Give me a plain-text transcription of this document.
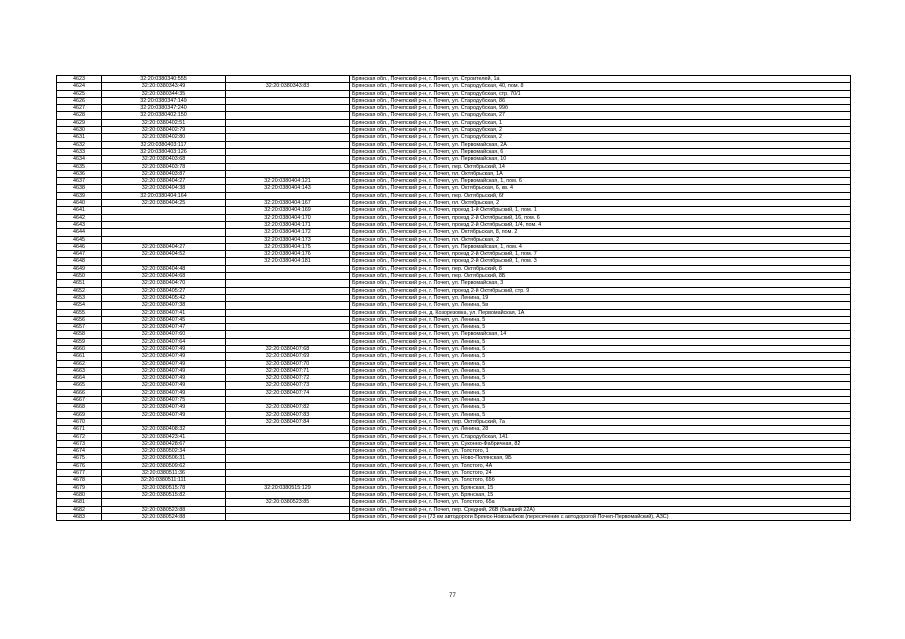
4623	32:20:0380340:555		Брянская обл., Почепский р-н, г. Почеп, ул. Строителей, 1а
4624	32:20:0380343:49	32:20:0380343:83	Брянская обл., Почепский р-н, г. Почеп, ул. Стародубская, 40, пом. 8
4625	32:20:0380344:35		Брянская обл., Почепский р-н, г. Почеп, ул. Стародубская, стр. 70/1
4626	32:20:0380347:149		Брянская обл., Почепский р-н, г. Почеп, ул. Стародубская, 86
4627	32:20:0380347:240		Брянская обл., Почепский р-н, г. Почеп, ул. Стародубская, 99б
4628	32:20:0380402:150		Брянская обл., Почепский р-н, г. Почеп, ул. Стародубская, 27
4629	32:20:0380402:51		Брянская обл., Почепский р-н, г. Почеп, ул. Стародубская, 1
4630	32:20:0380402:79		Брянская обл., Почепский р-н, г. Почеп, ул. Стародубская, 2
4631	32:20:0380402:80		Брянская обл., Почепский р-н, г. Почеп, ул. Стародубская, 2
4632	32:20:0380403:117		Брянская обл., Почепский р-н, г. Почеп, ул. Первомайская, 2А
4633	32:20:0380403:126		Брянская обл., Почепский р-н, г. Почеп, ул. Первомайская, 6
4634	32:20:0380403:68		Брянская обл., Почепский р-н, г. Почеп, ул. Первомайская, 10
4635	32:20:0380403:78		Брянская обл., Почепский р-н, г. Почеп, пер. Октябрьский, 14
4636	32:20:0380403:87		Брянская обл., Почепский р-н, г. Почеп, пл. Октябрьская, 1А
4637	32:20:0380404:27	32:20:0380404:121	Брянская обл., Почепский р-н, г. Почеп, ул. Первомайская, 1, пом. 6
4638	32:20:0380404:38	32:20:0380404:143	Брянская обл., Почепский р-н, г. Почеп, ул. Октябрьская, 6, кв. 4
4639	32:20:0380404:164		Брянская обл., Почепский р-н, г. Почеп, пер. Октябрьский, 6f
4640	32:20:0380404:25	32:20:0380404:167	Брянская обл., Почепский р-н, г. Почеп, пл. Октябрьская, 2
4641		32:20:0380404:169	Брянская обл., Почепский р-н, г. Почеп, проезд 1-й Октябрьский, 1, пом. 1
4642		32:20:0380404:170	Брянская обл., Почепский р-н, г. Почеп, проезд 2-й Октябрьский, 16, пом. 6
4643		32:20:0380404:171	Брянская обл., Почепский р-н, г. Почеп, проезд 2-й Октябрьский, 1/4, пом. 4
4644		32:20:0380404:172	Брянская обл., Почепский р-н, г. Почеп, ул. Октябрьская, 8, пом. 2
4645		32:20:0380404:173	Брянская обл., Почепский р-н, г. Почеп, пл. Октябрьская, 2
4646	32:20:0380404:27	32:20:0380404:175	Брянская обл., Почепский р-н, г. Почеп, ул. Первомайская, 1, пом. 4
4647	32:20:0380404:52	32:20:0380404:176	Брянская обл., Почепский р-н, г. Почеп, проезд 2-й Октябрьский, 1, пом. 7
4648		32:20:0380404:181	Брянская обл., Почепский р-н, г. Почеп, проезд 2-й Октябрьский, 1, пом. 3
4649	32:20:0380404:48		Брянская обл., Почепский р-н, г. Почеп, пер. Октябрьский, 8
4650	32:20:0380404:68		Брянская обл., Почепский р-н, г. Почеп, пер. Октябрьский, 8Б
4651	32:20:0380404:70		Брянская обл., Почепский р-н, г. Почеп, ул. Первомайская, 3
4652	32:20:0380405:27		Брянская обл., Почепский р-н, г. Почеп, проезд 2-й Октябрьский, стр. 9
4653	32:20:0380405:42		Брянская обл., Почепский р-н, г. Почеп, ул. Ленина, 19
4654	32:20:0380407:38		Брянская обл., Почепский р-н, г. Почеп, ул. Ленина, 5в
4655	32:20:0380407:41		Брянская обл., Почепский р-н, д. Козорезовка, ул. Первомайская, 1А
4656	32:20:0380407:45		Брянская обл., Почепский р-н, г. Почеп, ул. Ленина, 5
4657	32:20:0380407:47		Брянская обл., Почепский р-н, г. Почеп, ул. Ленина, 5
4658	32:20:0380407:60		Брянская обл., Почепский р-н, г. Почеп, ул. Первомайская, 14
4659	32:20:0380407:64		Брянская обл., Почепский р-н, г. Почеп, ул. Ленина, 5
4660	32:20:0380407:49	32:20:0380407:68	Брянская обл., Почепский р-н, г. Почеп, ул. Ленина, 5
4661	32:20:0380407:49	32:20:0380407:69	Брянская обл., Почепский р-н, г. Почеп, ул. Ленина, 5
4662	32:20:0380407:49	32:20:0380407:70	Брянская обл., Почепский р-н, г. Почеп, ул. Ленина, 5
4663	32:20:0380407:49	32:20:0380407:71	Брянская обл., Почепский р-н, г. Почеп, ул. Ленина, 5
4664	32:20:0380407:49	32:20:0380407:72	Брянская обл., Почепский р-н, г. Почеп, ул. Ленина, 5
4665	32:20:0380407:49	32:20:0380407:73	Брянская обл., Почепский р-н, г. Почеп, ул. Ленина, 5
4666	32:20:0380407:49	32:20:0380407:74	Брянская обл., Почепский р-н, г. Почеп, ул. Ленина, 5
4667	32:20:0380407:75		Брянская обл., Почепский р-н, г. Почеп, ул. Ленина, 3
4668	32:20:0380407:49	32:20:0380407:82	Брянская обл., Почепский р-н, г. Почеп, ул. Ленина, 5
4669	32:20:0380407:49	32:20:0380407:83	Брянская обл., Почепский р-н, г. Почеп, ул. Ленина, 5
4670		32:20:0380407:84	Брянская обл., Почепский р-н, г. Почеп, пер. Октябрьский, 7а
4671	32:20:0380408:32		Брянская обл., Почепский р-н, г. Почеп, ул. Ленина, 28
4672	32:20:0380423:41		Брянская обл., Почепский р-н, г. Почеп, ул. Стародубская, 141
4673	32:20:0380428:67		Брянская обл., Почепский р-н, г. Почеп, ул. Суконно-Фабричная, 82
4674	32:20:0380502:34		Брянская обл., Почепский р-н, г. Почеп, ул. Толстого, 1
4675	32:20:0380506:31		Брянская обл., Почепский р-н, г. Почеп, ул. Ново-Полянская, 9Б
4676	32:20:0380509:62		Брянская обл., Почепский р-н, г. Почеп, ул. Толстого, 4А
4677	32:20:0380511:36		Брянская обл., Почепский р-н, г. Почеп, ул. Толстого, 24
4678	32:20:0380511:111		Брянская обл., Почепский р-н, г. Почеп, ул. Толстого, 65б
4679	32:20:0380515:78	32:20:0380515:129	Брянская обл., Почепский р-н, г. Почеп, ул. Брянская, 15
4680	32:20:0380515:82		Брянская обл., Почепский р-н, г. Почеп, ул. Брянская, 15
4681		32:20:0380523:85	Брянская обл., Почепский р-н, г. Почеп, ул. Толстого, 65а
4682	32:20:0380523:88		Брянская обл., Почепский р-н, г. Почеп, пер. Средний, 26В (бывший 22А)
4683	32:20:0380524:88		Брянская обл., Почепский р-н (73 км автодороги Брянск-Новозыбков (пересечение с автодорогой Почеп-Первомайский), АЗС)
77
